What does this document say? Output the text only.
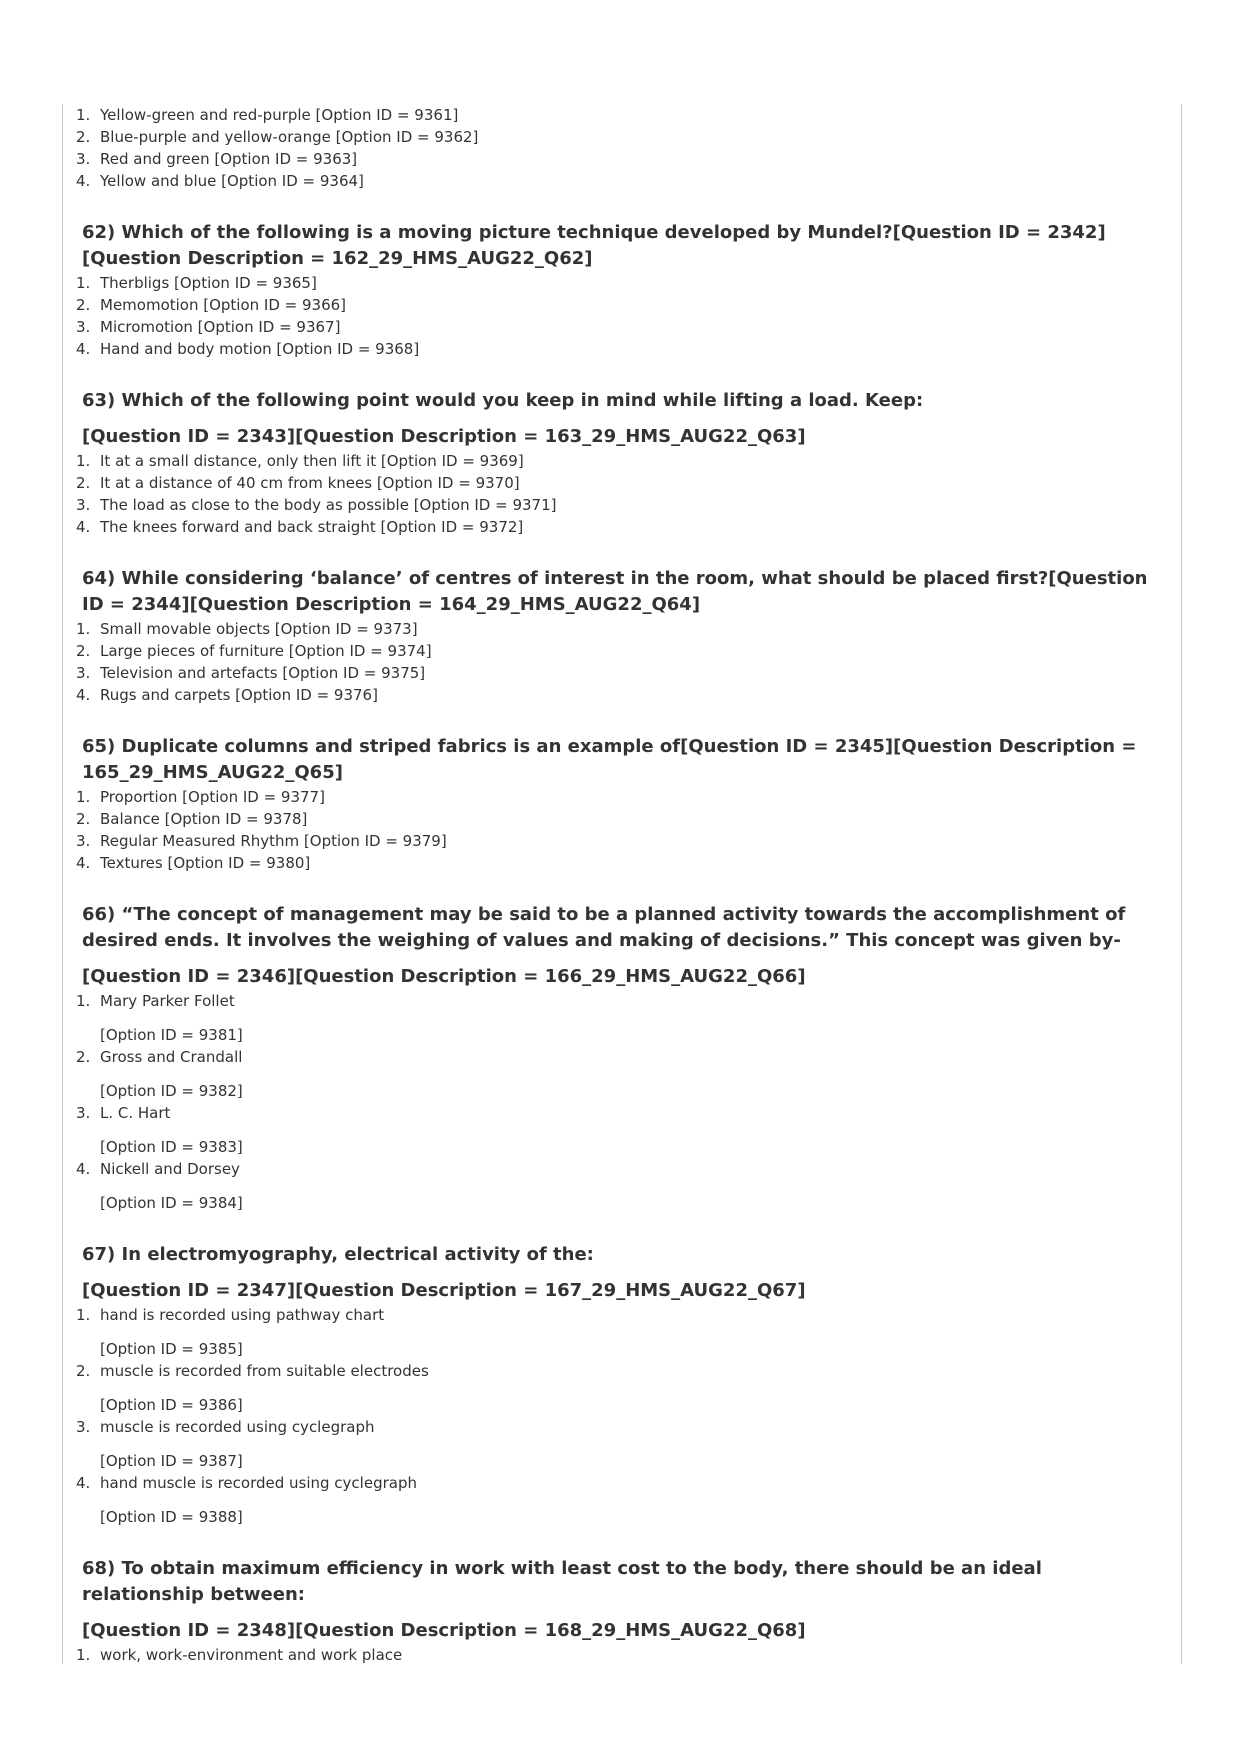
1. Yellow-green and red-purple [Option ID = 9361]

2. Blue-purple and yellow-orange [Option ID = 9362]

3. Red and green [Option ID = 9363]

4. Yellow and blue [Option ID = 9364]

62) Which of the following is a moving picture technique developed by Mundel?[Question ID = 2342][Question Description = 162_29_HMS_AUG22_Q62]

1. Therbligs [Option ID = 9365]

2. Memomotion [Option ID = 9366]

3. Micromotion [Option ID = 9367]

4. Hand and body motion [Option ID = 9368]

63) Which of the following point would you keep in mind while lifting a load. Keep:

[Question ID = 2343][Question Description = 163_29_HMS_AUG22_Q63]

1. It at a small distance, only then lift it [Option ID = 9369]

2. It at a distance of 40 cm from knees [Option ID = 9370]

3. The load as close to the body as possible [Option ID = 9371]

4. The knees forward and back straight [Option ID = 9372]

64) While considering ‘balance’ of centres of interest in the room, what should be placed first?[Question ID = 2344][Question Description = 164_29_HMS_AUG22_Q64]

1. Small movable objects [Option ID = 9373]

2. Large pieces of furniture [Option ID = 9374]

3. Television and artefacts [Option ID = 9375]

4. Rugs and carpets [Option ID = 9376]

65) Duplicate columns and striped fabrics is an example of[Question ID = 2345][Question Description = 165_29_HMS_AUG22_Q65]

1. Proportion [Option ID = 9377]

2. Balance [Option ID = 9378]

3. Regular Measured Rhythm [Option ID = 9379]

4. Textures [Option ID = 9380]

66) “The concept of management may be said to be a planned activity towards the accomplishment of desired ends. It involves the weighing of values and making of decisions.” This concept was given by-

[Question ID = 2346][Question Description = 166_29_HMS_AUG22_Q66]

1. Mary Parker Follet

[Option ID = 9381]

2. Gross and Crandall

[Option ID = 9382]

3. L. C. Hart

[Option ID = 9383]

4. Nickell and Dorsey

[Option ID = 9384]

67) In electromyography, electrical activity of the:

[Question ID = 2347][Question Description = 167_29_HMS_AUG22_Q67]

1. hand is recorded using pathway chart

[Option ID = 9385]

2. muscle is recorded from suitable electrodes

[Option ID = 9386]

3. muscle is recorded using cyclegraph

[Option ID = 9387]

4. hand muscle is recorded using cyclegraph

[Option ID = 9388]

68) To obtain maximum efficiency in work with least cost to the body, there should be an ideal relationship between:

[Question ID = 2348][Question Description = 168_29_HMS_AUG22_Q68]

1. work, work-environment and work place
